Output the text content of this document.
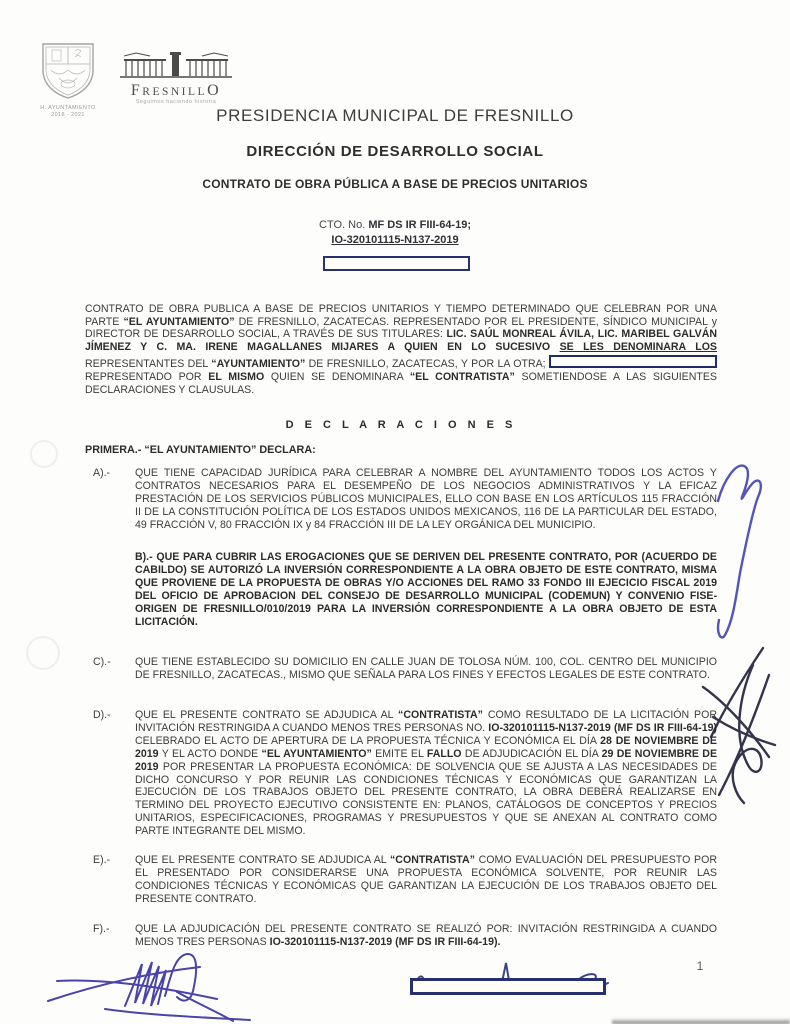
H. AYUNTAMIENTO
2018 - 2021
FRESNILLO
Seguimos haciendo historia
PRESIDENCIA MUNICIPAL DE FRESNILLO
DIRECCIÓN DE DESARROLLO SOCIAL
CONTRATO DE OBRA PÚBLICA A BASE DE PRECIOS UNITARIOS
CTO. No. MF DS IR FIII-64-19;
IO-320101115-N137-2019

CONTRATO DE OBRA PUBLICA A BASE DE PRECIOS UNITARIOS Y TIEMPO DETERMINADO QUE CELEBRAN POR UNA PARTE “EL AYUNTAMIENTO” DE FRESNILLO, ZACATECAS. REPRESENTADO POR EL PRESIDENTE, SÍNDICO MUNICIPAL y DIRECTOR DE DESARROLLO SOCIAL, A TRAVÉS DE SUS TITULARES: LIC. SAÚL MONREAL ÁVILA, LIC. MARIBEL GALVÁN JÍMENEZ Y C. MA. IRENE MAGALLANES MIJARES A QUIEN EN LO SUCESIVO SE LES DENOMINARA LOS REPRESENTANTES DEL “AYUNTAMIENTO” DE FRESNILLO, ZACATECAS, Y POR LA OTRA;  REPRESENTADO POR EL MISMO QUIEN SE DENOMINARA “EL CONTRATISTA” SOMETIENDOSE A LAS SIGUIENTES DECLARACIONES Y CLAUSULAS.

D E C L A R A C I O N E S
PRIMERA.- “EL AYUNTAMIENTO” DECLARA:
A).- QUE TIENE CAPACIDAD JURÍDICA PARA CELEBRAR A NOMBRE DEL AYUNTAMIENTO TODOS LOS ACTOS Y CONTRATOS NECESARIOS PARA EL DESEMPEÑO DE LOS NEGOCIOS ADMINISTRATIVOS Y LA EFICAZ PRESTACIÓN DE LOS SERVICIOS PÚBLICOS MUNICIPALES, ELLO CON BASE EN LOS ARTÍCULOS 115 FRACCIÓN II DE LA CONSTITUCIÓN POLÍTICA DE LOS ESTADOS UNIDOS MEXICANOS, 116 DE LA PARTICULAR DEL ESTADO, 49 FRACCIÓN V, 80 FRACCIÓN IX y 84 FRACCIÓN III DE LA LEY ORGÁNICA DEL MUNICIPIO.
B).- QUE PARA CUBRIR LAS EROGACIONES QUE SE DERIVEN DEL PRESENTE CONTRATO, POR (ACUERDO DE CABILDO) SE AUTORIZÓ LA INVERSIÓN CORRESPONDIENTE A LA OBRA OBJETO DE ESTE CONTRATO, MISMA QUE PROVIENE DE LA PROPUESTA DE OBRAS Y/O ACCIONES DEL RAMO 33 FONDO III EJECICIO FISCAL 2019 DEL OFICIO DE APROBACION DEL CONSEJO DE DESARROLLO MUNICIPAL (CODEMUN) Y CONVENIO FISE-ORIGEN DE FRESNILLO/010/2019 PARA LA INVERSIÓN CORRESPONDIENTE A LA OBRA OBJETO DE ESTA LICITACIÓN.
C).- QUE TIENE ESTABLECIDO SU DOMICILIO EN CALLE JUAN DE TOLOSA NÚM. 100, COL. CENTRO DEL MUNICIPIO DE FRESNILLO, ZACATECAS., MISMO QUE SEÑALA PARA LOS FINES Y EFECTOS LEGALES DE ESTE CONTRATO.
D).- QUE EL PRESENTE CONTRATO SE ADJUDICA AL “CONTRATISTA” COMO RESULTADO DE LA LICITACIÓN POR INVITACIÓN RESTRINGIDA A CUANDO MENOS TRES PERSONAS NO. IO-320101115-N137-2019 (MF DS IR FIII-64-19) CELEBRADO EL ACTO DE APERTURA DE LA PROPUESTA TÉCNICA Y ECONÓMICA EL DÍA 28 DE NOVIEMBRE DE 2019 Y EL ACTO DONDE “EL AYUNTAMIENTO” EMITE EL FALLO DE ADJUDICACIÓN EL DÍA 29 DE NOVIEMBRE DE 2019 POR PRESENTAR LA PROPUESTA ECONÓMICA: DE SOLVENCIA QUE SE AJUSTA A LAS NECESIDADES DE DICHO CONCURSO Y POR REUNIR LAS CONDICIONES TÉCNICAS Y ECONÓMICAS QUE GARANTIZAN LA EJECUCIÓN DE LOS TRABAJOS OBJETO DEL PRESENTE CONTRATO, LA OBRA DEBERÁ REALIZARSE EN TERMINO DEL PROYECTO EJECUTIVO CONSISTENTE EN: PLANOS, CATÁLOGOS DE CONCEPTOS Y PRECIOS UNITARIOS, ESPECIFICACIONES, PROGRAMAS Y PRESUPUESTOS Y QUE SE ANEXAN AL CONTRATO COMO PARTE INTEGRANTE DEL MISMO.
E).- QUE EL PRESENTE CONTRATO SE ADJUDICA AL “CONTRATISTA” COMO EVALUACIÓN DEL PRESUPUESTO POR EL PRESENTADO POR CONSIDERARSE UNA PROPUESTA ECONÓMICA SOLVENTE, POR REUNIR LAS CONDICIONES TÉCNICAS Y ECONÓMICAS QUE GARANTIZAN LA EJECUCIÓN DE LOS TRABAJOS OBJETO DEL PRESENTE CONTRATO.
F).- QUE LA ADJUDICACIÓN DEL PRESENTE CONTRATO SE REALIZÓ POR: INVITACIÓN RESTRINGIDA A CUANDO MENOS TRES PERSONAS IO-320101115-N137-2019 (MF DS IR FIII-64-19).
1
